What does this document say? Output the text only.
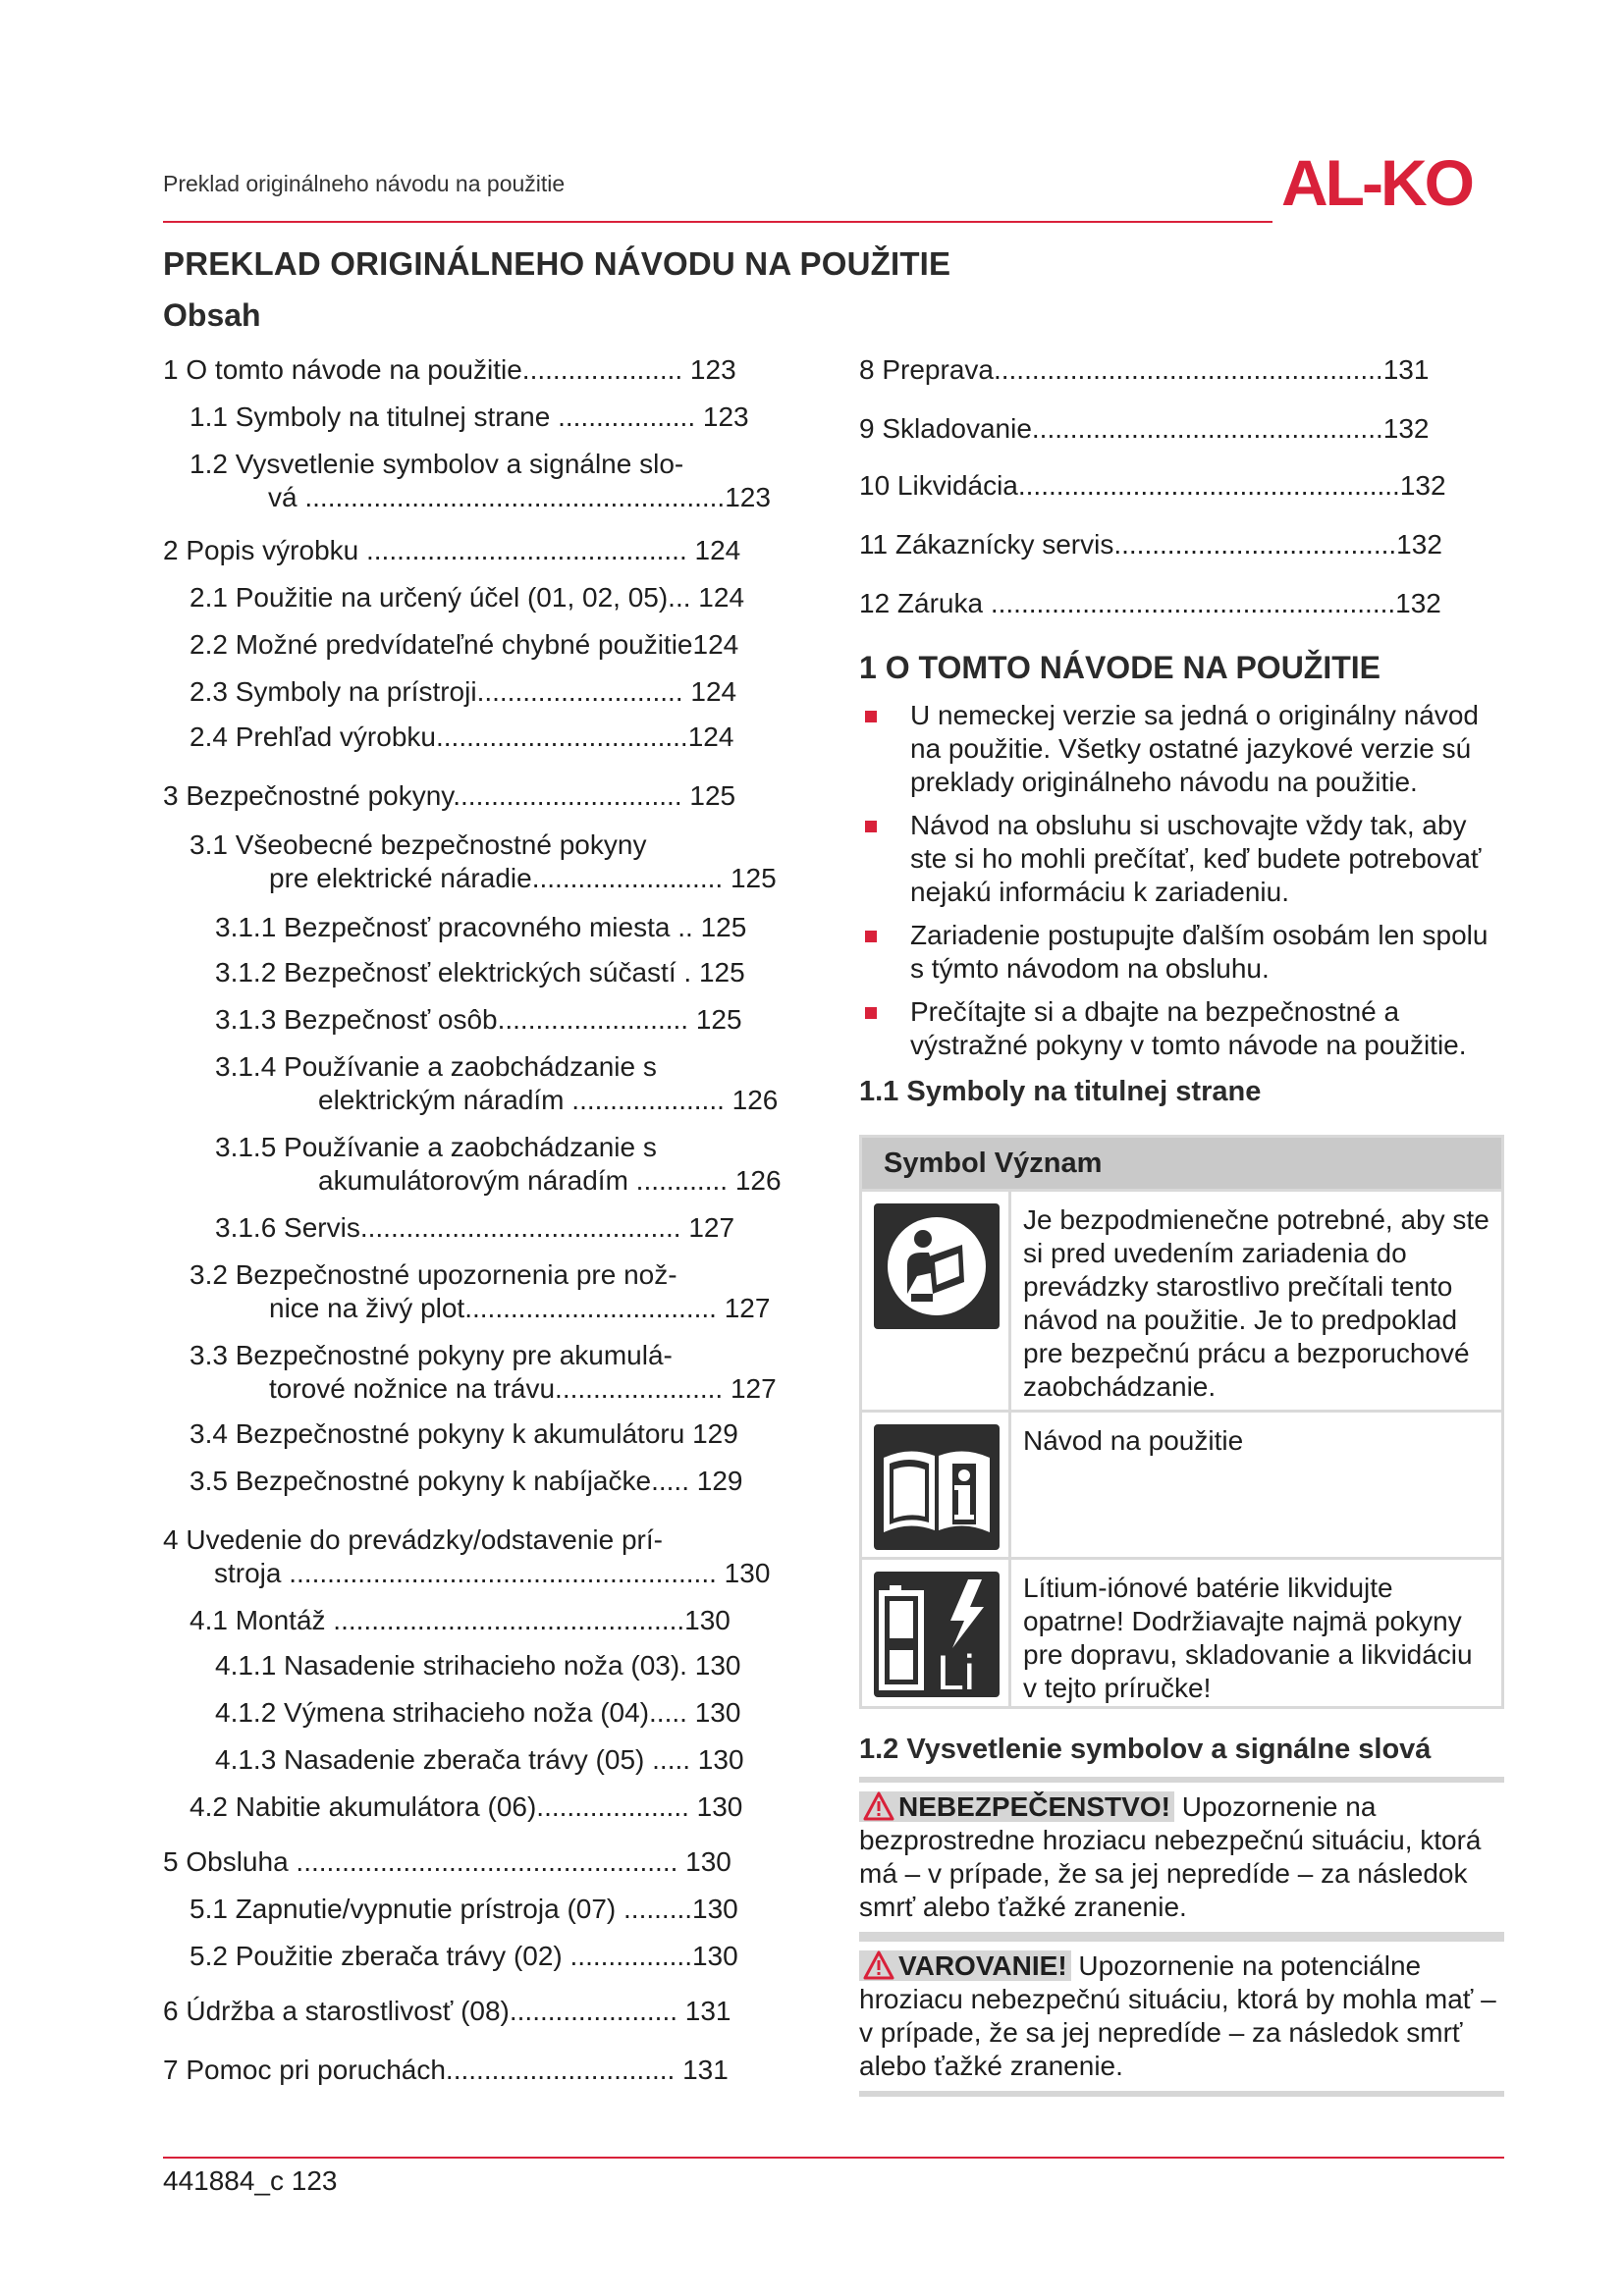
Preklad originálneho návodu na použitie	AL-KO
PREKLAD ORIGINÁLNEHO NÁVODU NA POUŽITIE
Obsah
1 O tomto návode na použitie..................... 123
1.1 Symboly na titulnej strane .................. 123
1.2 Vysvetlenie symbolov a signálne slo-
vá .......................................................123
2 Popis výrobku .......................................... 124
2.1 Použitie na určený účel (01, 02, 05)... 124
2.2 Možné predvídateľné chybné použitie124
2.3 Symboly na prístroji........................... 124
2.4 Prehľad výrobku.................................124
3 Bezpečnostné pokyny.............................. 125
3.1 Všeobecné bezpečnostné pokyny
pre elektrické náradie......................... 125
3.1.1 Bezpečnosť pracovného miesta .. 125
3.1.2 Bezpečnosť elektrických súčastí . 125
3.1.3 Bezpečnosť osôb......................... 125
3.1.4 Používanie a zaobchádzanie s
elektrickým náradím .................... 126
3.1.5 Používanie a zaobchádzanie s
akumulátorovým náradím ............ 126
3.1.6 Servis.......................................... 127
3.2 Bezpečnostné upozornenia pre nož-
nice na živý plot................................. 127
3.3 Bezpečnostné pokyny pre akumulá-
torové nožnice na trávu...................... 127
3.4 Bezpečnostné pokyny k akumulátoru 129
3.5 Bezpečnostné pokyny k nabíjačke..... 129
4 Uvedenie do prevádzky/odstavenie prí-
stroja ........................................................ 130
4.1 Montáž ..............................................130
4.1.1 Nasadenie strihacieho noža (03). 130
4.1.2 Výmena strihacieho noža (04)..... 130
4.1.3 Nasadenie zberača trávy (05) ..... 130
4.2 Nabitie akumulátora (06).................... 130
5 Obsluha .................................................. 130
5.1 Zapnutie/vypnutie prístroja (07) .........130
5.2 Použitie zberača trávy (02) ................130
6 Údržba a starostlivosť (08)...................... 131
7 Pomoc pri poruchách.............................. 131
8 Preprava...................................................131
9 Skladovanie..............................................132
10 Likvidácia..................................................132
11 Zákaznícky servis.....................................132
12 Záruka .....................................................132
1 O TOMTO NÁVODE NA POUŽITIE
U nemeckej verzie sa jedná o originálny návod na použitie. Všetky ostatné jazykové verzie sú preklady originálneho návodu na použitie.
Návod na obsluhu si uschovajte vždy tak, aby ste si ho mohli prečítať, keď budete potrebovať nejakú informáciu k zariadeniu.
Zariadenie postupujte ďalším osobám len spolu s týmto návodom na obsluhu.
Prečítajte si a dbajte na bezpečnostné a výstražné pokyny v tomto návode na použitie.
1.1 Symboly na titulnej strane
Symbol Význam
Je bezpodmienečne potrebné, aby ste si pred uvedením zariadenia do prevádzky starostlivo prečítali tento návod na použitie. Je to predpoklad pre bezpečnú prácu a bezporuchové zaobchádzanie.
Návod na použitie
Li
Lítium-iónové batérie likvidujte opatrne! Dodržiavajte najmä pokyny pre dopravu, skladovanie a likvidáciu v tejto príručke!
1.2 Vysvetlenie symbolov a signálne slová
NEBEZPEČENSTVO! Upozornenie na bezprostredne hroziacu nebezpečnú situáciu, ktorá má – v prípade, že sa jej nepredíde – za následok smrť alebo ťažké zranenie.
VAROVANIE! Upozornenie na potenciálne hroziacu nebezpečnú situáciu, ktorá by mohla mať – v prípade, že sa jej nepredíde – za následok smrť alebo ťažké zranenie.
441884_c 123
